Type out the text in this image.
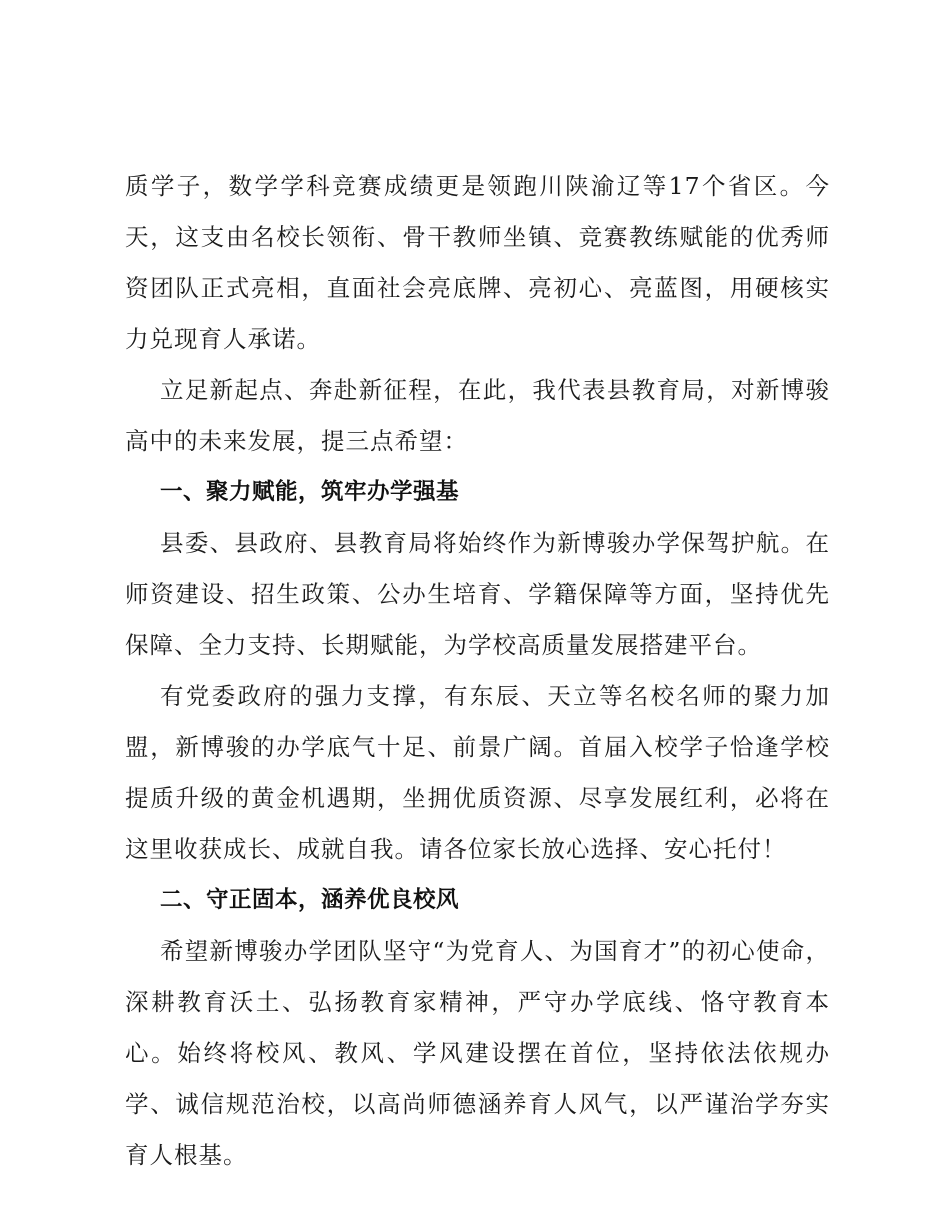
质学子，数学学科竞赛成绩更是领跑川陕渝辽等17个省区。今天，这支由名校长领衔、骨干教师坐镇、竞赛教练赋能的优秀师资团队正式亮相，直面社会亮底牌、亮初心、亮蓝图，用硬核实力兑现育人承诺。

立足新起点、奔赴新征程，在此，我代表县教育局，对新博骏高中的未来发展，提三点希望：

一、聚力赋能，筑牢办学强基

县委、县政府、县教育局将始终作为新博骏办学保驾护航。在师资建设、招生政策、公办生培育、学籍保障等方面，坚持优先保障、全力支持、长期赋能，为学校高质量发展搭建平台。

有党委政府的强力支撑，有东辰、天立等名校名师的聚力加盟，新博骏的办学底气十足、前景广阔。首届入校学子恰逢学校提质升级的黄金机遇期，坐拥优质资源、尽享发展红利，必将在这里收获成长、成就自我。请各位家长放心选择、安心托付！

二、守正固本，涵养优良校风

希望新博骏办学团队坚守“为党育人、为国育才”的初心使命，深耕教育沃土、弘扬教育家精神，严守办学底线、恪守教育本心。始终将校风、教风、学风建设摆在首位，坚持依法依规办学、诚信规范治校，以高尚师德涵养育人风气，以严谨治学夯实育人根基。
